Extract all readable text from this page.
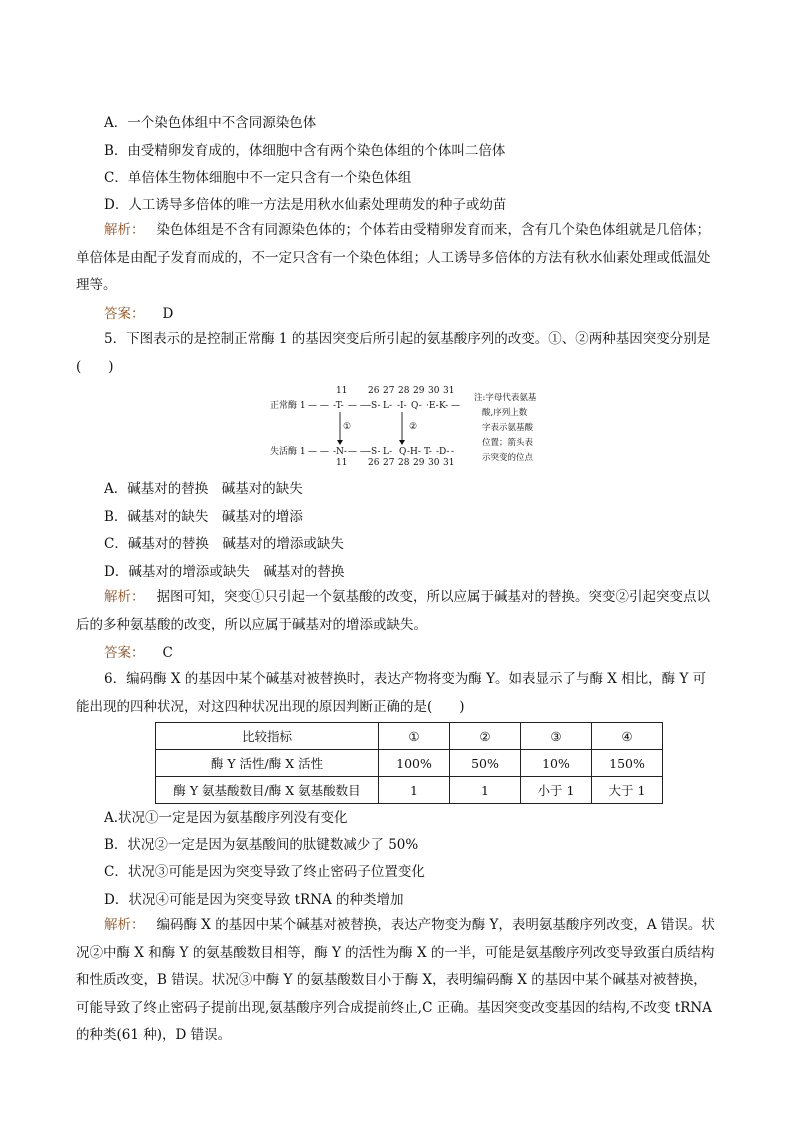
A．一个染色体组中不含同源染色体
B．由受精卵发育成的，体细胞中含有两个染色体组的个体叫二倍体
C．单倍体生物体细胞中不一定只含有一个染色体组
D．人工诱导多倍体的唯一方法是用秋水仙素处理萌发的种子或幼苗
解析： 染色体组是不含有同源染色体的；个体若由受精卵发育而来，含有几个染色体组就是几倍体；单倍体是由配子发育而成的，不一定只含有一个染色体组；人工诱导多倍体的方法有秋水仙素处理或低温处理等。
答案： D
5．下图表示的是控制正常酶 1 的基因突变后所引起的氨基酸序列的改变。①、②两种基因突变分别是(　　)
11 26 27 28 29 30 31
正常酶 1 — — -T- — — -S- L- -I- Q- ·E- K- —
①	②
失活酶 1 — — -N- — — -S- L- Q -H- T- -D- -
11 26 27 28 29 30 31
注:字母代表氨基
酸,序列上数
字表示氨基酸
位置；箭头表
示突变的位点
A．碱基对的替换　碱基对的缺失
B．碱基对的缺失　碱基对的增添
C．碱基对的替换　碱基对的增添或缺失
D．碱基对的增添或缺失　碱基对的替换
解析： 据图可知，突变①只引起一个氨基酸的改变，所以应属于碱基对的替换。突变②引起突变点以后的多种氨基酸的改变，所以应属于碱基对的增添或缺失。
答案： C
6．编码酶 X 的基因中某个碱基对被替换时，表达产物将变为酶 Y。如表显示了与酶 X 相比，酶 Y 可能出现的四种状况，对这四种状况出现的原因判断正确的是(　　)
比较指标	①	②	③	④
酶 Y 活性/酶 X 活性	100%	50%	10%	150%
酶 Y 氨基酸数目/酶 X 氨基酸数目	1	1	小于 1	大于 1
A.状况①一定是因为氨基酸序列没有变化
B．状况②一定是因为氨基酸间的肽键数减少了 50%
C．状况③可能是因为突变导致了终止密码子位置变化
D．状况④可能是因为突变导致 tRNA 的种类增加
解析： 编码酶 X 的基因中某个碱基对被替换，表达产物变为酶 Y，表明氨基酸序列改变，A 错误。状况②中酶 X 和酶 Y 的氨基酸数目相等，酶 Y 的活性为酶 X 的一半，可能是氨基酸序列改变导致蛋白质结构和性质改变，B 错误。状况③中酶 Y 的氨基酸数目小于酶 X，表明编码酶 X 的基因中某个碱基对被替换，可能导致了终止密码子提前出现,氨基酸序列合成提前终止,C 正确。基因突变改变基因的结构,不改变 tRNA 的种类(61 种)，D 错误。
